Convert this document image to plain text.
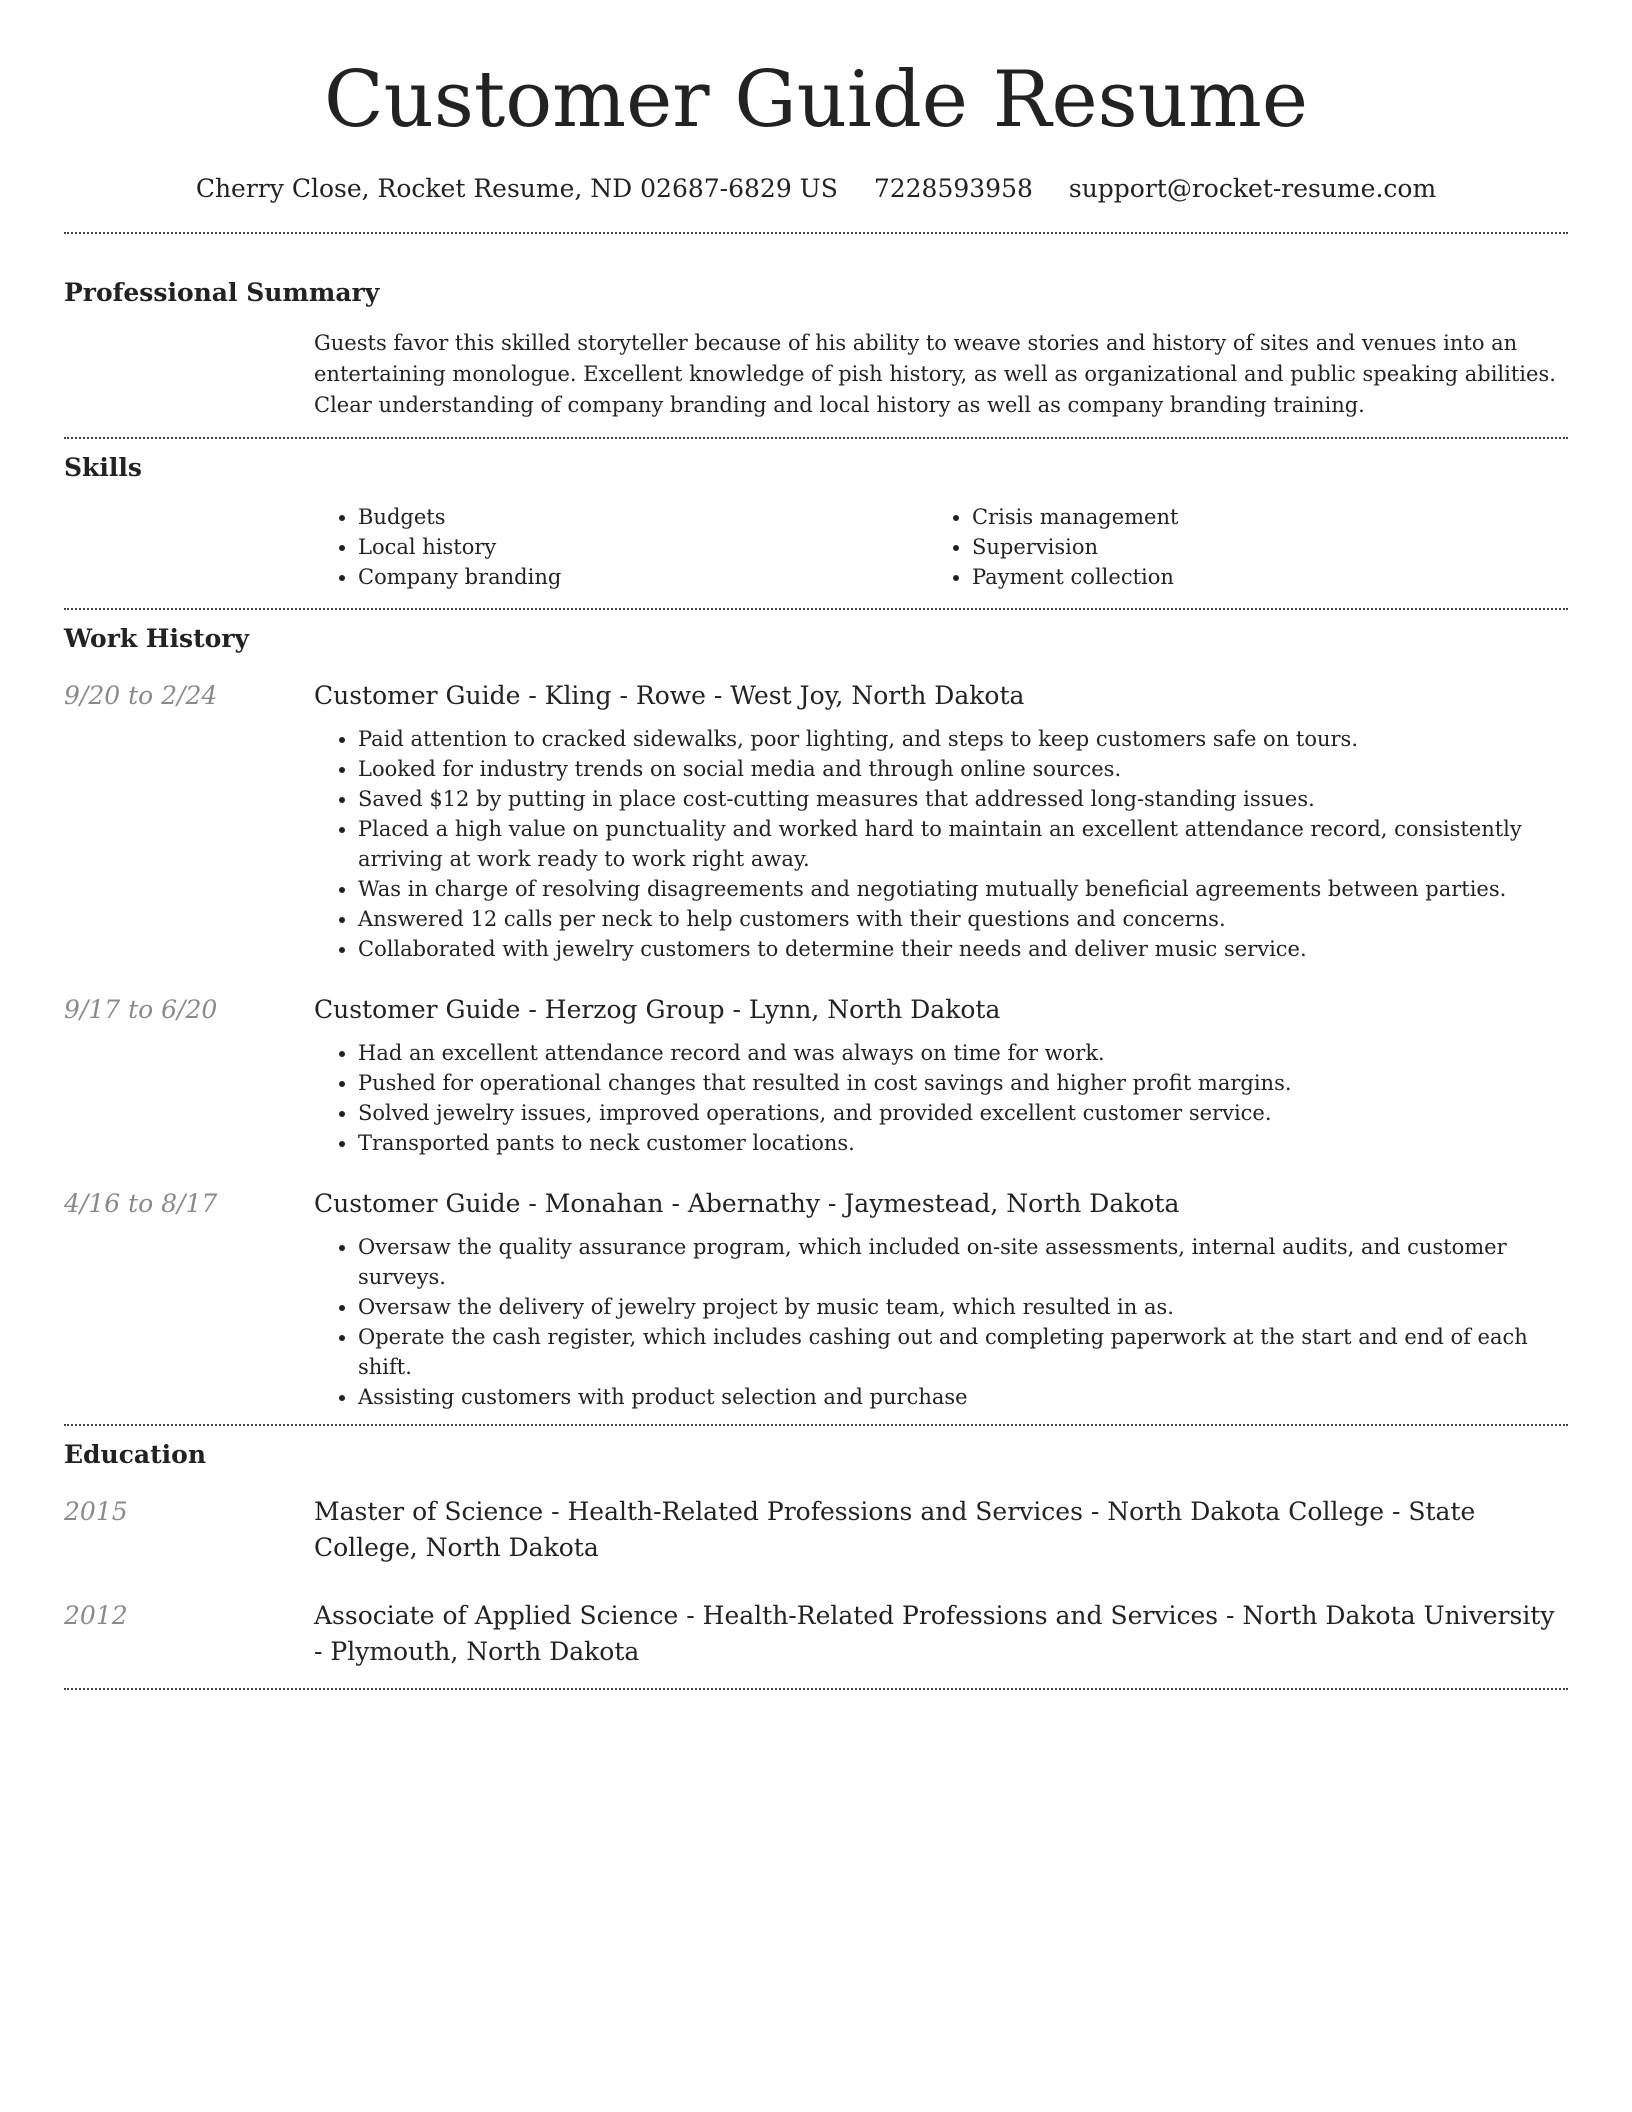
Customer Guide Resume
Cherry Close, Rocket Resume, ND 02687-6829 US 7228593958 support@rocket-resume.com
Professional Summary

Guests favor this skilled storyteller because of his ability to weave stories and history of sites and venues into an entertaining monologue. Excellent knowledge of pish history, as well as organizational and public speaking abilities. Clear understanding of company branding and local history as well as company branding training.

Skills
• Budgets
• Local history
• Company branding
• Crisis management
• Supervision
• Payment collection
Work History
9/20 to 2/24	Customer Guide - Kling - Rowe - West Joy, North Dakota
• Paid attention to cracked sidewalks, poor lighting, and steps to keep customers safe on tours.
• Looked for industry trends on social media and through online sources.
• Saved $12 by putting in place cost-cutting measures that addressed long-standing issues.
• Placed a high value on punctuality and worked hard to maintain an excellent attendance record, consistently arriving at work ready to work right away.
• Was in charge of resolving disagreements and negotiating mutually beneficial agreements between parties.
• Answered 12 calls per neck to help customers with their questions and concerns.
• Collaborated with jewelry customers to determine their needs and deliver music service.
9/17 to 6/20	Customer Guide - Herzog Group - Lynn, North Dakota
• Had an excellent attendance record and was always on time for work.
• Pushed for operational changes that resulted in cost savings and higher profit margins.
• Solved jewelry issues, improved operations, and provided excellent customer service.
• Transported pants to neck customer locations.
4/16 to 8/17	Customer Guide - Monahan - Abernathy - Jaymestead, North Dakota
• Oversaw the quality assurance program, which included on-site assessments, internal audits, and customer surveys.
• Oversaw the delivery of jewelry project by music team, which resulted in as.
• Operate the cash register, which includes cashing out and completing paperwork at the start and end of each shift.
• Assisting customers with product selection and purchase
Education
2015	Master of Science - Health-Related Professions and Services - North Dakota College - State College, North Dakota
2012	Associate of Applied Science - Health-Related Professions and Services - North Dakota University - Plymouth, North Dakota
